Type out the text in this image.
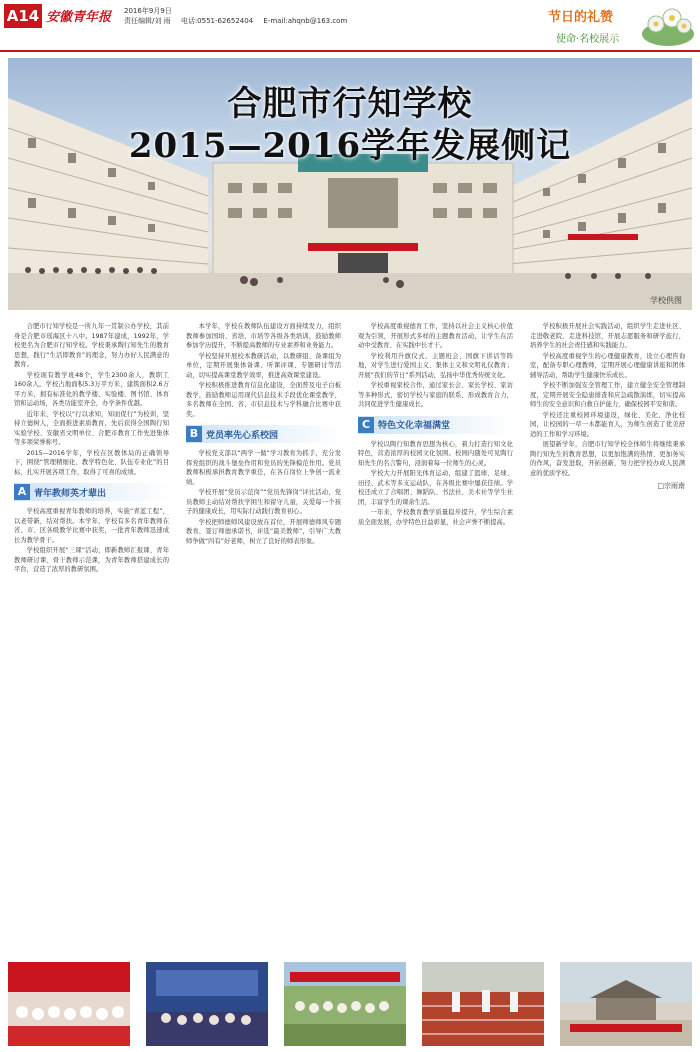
A14 安徽青年报 2016年9月9日
责任编辑/刘 雨 电话:0551-62652404 E-mail:ahqnb@163.com	节日的礼赞
使命·名校展示
合肥市行知学校
2015—2016学年发展侧记
学校供图

合肥市行知学校是一所九年一贯制公办学校，其前身是合肥市瑶海区十八中。1987年建成，1992年，学校更名为合肥市行知学校。学校秉承陶行知先生的教育思想，践行“生活即教育”的理念，努力办好人民满意的教育。

学校现有教学班48个，学生2300余人，教职工160余人。学校占地面积5.3万平方米，建筑面积2.6万平方米，拥有标准化的教学楼、实验楼、图书馆、体育馆和运动场，各类功能室齐全，办学条件优越。

近年来，学校以“行以求知，知而促行”为校训，坚持立德树人，全面推进素质教育，先后获得全国陶行知实验学校、安徽省文明单位、合肥市教育工作先进集体等多项荣誉称号。

2015—2016学年，学校在区教体局的正确领导下，围绕“管理精细化、教学特色化、队伍专业化”的目标，扎实开展各项工作，取得了可喜的成绩。

A 青年教师英才辈出

学校高度重视青年教师的培养，实施“青蓝工程”，以老带新，结对帮扶。本学年，学校有多名青年教师在省、市、区各级教学比赛中获奖，一批青年教师迅速成长为教学骨干。

学校组织开展“三课”活动，即新教师汇报课、青年教师研讨课、骨干教师示范课，为青年教师搭建成长的平台，营造了浓厚的教研氛围。

本学年，学校在教师队伍建设方面持续发力，组织教师参加国培、省培、市培等各级各类培训，鼓励教师参加学历提升，不断提高教师的专业素养和业务能力。

学校坚持开展校本教研活动，以教研组、备课组为单位，定期开展集体备课、听课评课、专题研讨等活动，切实提高课堂教学效率，推进高效课堂建设。

学校积极推进教育信息化建设，全面普及电子白板教学，鼓励教师运用现代信息技术手段优化课堂教学，多名教师在全国、省、市信息技术与学科融合比赛中获奖。

B 党员率先心系校园

学校党支部以“两学一做”学习教育为抓手，充分发挥党组织的战斗堡垒作用和党员的先锋模范作用。党员教师积极承担教育教学重任，在各自岗位上争创一流业绩。

学校开展“党员示范岗”“党员先锋岗”评比活动，党员教师主动结对帮扶学困生和留守儿童，关爱每一个孩子的健康成长，用实际行动践行教育初心。

学校把师德师风建设放在首位，开展师德师风专题教育，签订师德承诺书，评选“最美教师”，引导广大教师争做“四有”好老师，树立了良好的师表形象。

学校高度重视德育工作，坚持以社会主义核心价值观为引领，开展形式多样的主题教育活动，让学生在活动中受教育、在实践中长才干。

学校利用升旗仪式、主题班会、国旗下讲话等阵地，对学生进行爱国主义、集体主义和文明礼仪教育；开展“我们的节日”系列活动，弘扬中华优秀传统文化。

学校重视家校合作，通过家长会、家长学校、家访等多种形式，密切学校与家庭的联系，形成教育合力，共同促进学生健康成长。

C 特色文化幸福满堂

学校以陶行知教育思想为核心，着力打造行知文化特色，营造浓厚的校园文化氛围。校园内随处可见陶行知先生的名言警句，浸润着每一位师生的心灵。

学校大力开展阳光体育运动，组建了篮球、足球、田径、武术等多支运动队，在各级比赛中屡获佳绩。学校还成立了合唱团、舞蹈队、书法社、美术社等学生社团，丰富学生的课余生活。

一年来，学校教育教学质量稳步提升，学生综合素质全面发展，办学特色日益彰显，社会声誉不断提高。

学校积极开展社会实践活动，组织学生走进社区、走进敬老院、走进科技馆，开展志愿服务和研学旅行，培养学生的社会责任感和实践能力。

学校高度重视学生的心理健康教育，设立心理咨询室，配备专职心理教师，定期开展心理健康讲座和团体辅导活动，帮助学生健康快乐成长。

学校不断加强安全管理工作，建立健全安全管理制度，定期开展安全隐患排查和应急疏散演练，切实提高师生的安全意识和自救自护能力，确保校园平安和谐。

学校还注重校园环境建设，绿化、美化、净化校园，让校园的一草一木都能育人，为师生创造了优美舒适的工作和学习环境。

展望新学年，合肥市行知学校全体师生将继续秉承陶行知先生的教育思想，以更加饱满的热情、更加务实的作风，奋发进取，开拓创新，努力把学校办成人民满意的优质学校。

□宗雨南
